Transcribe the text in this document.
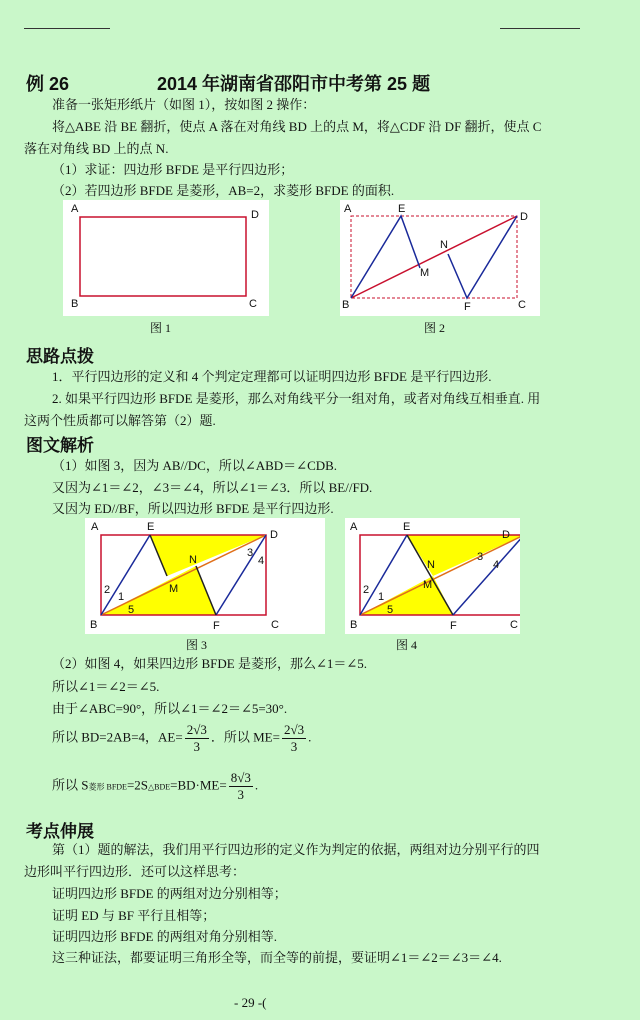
例 26	2014 年湖南省邵阳市中考第 25 题
准备一张矩形纸片（如图 1），按如图 2 操作：
将△ABE 沿 BE 翻折，使点 A 落在对角线 BD 上的点 M，将△CDF 沿 DF 翻折，使点 C
落在对角线 BD 上的点 N.
（1）求证：四边形 BFDE 是平行四边形；
（2）若四边形 BFDE 是菱形，AB=2，求菱形 BFDE 的面积.
A	D
B	C
图 1
A	E
D
N
M
B	F	C
图 2
思路点拨
1．平行四边形的定义和 4 个判定定理都可以证明四边形 BFDE 是平行四边形.
2. 如果平行四边形 BFDE 是菱形，那么对角线平分一组对角，或者对角线互相垂直. 用
这两个性质都可以解答第（2）题.
图文解析
（1）如图 3，因为 AB//DC，所以∠ABD＝∠CDB.
又因为∠1＝∠2，∠3＝∠4，所以∠1＝∠3．所以 BE//FD.
又因为 ED//BF，所以四边形 BFDE 是平行四边形.
A	E
D
N
M
B	F	C
1
2
3
4
5
图 3
A	E
D
N
M
B	F	C
1
2
3
4
5
图 4
（2）如图 4，如果四边形 BFDE 是菱形，那么∠1＝∠5.
所以∠1＝∠2＝∠5.
由于∠ABC=90°，所以∠1＝∠2＝∠5=30°.
所以 BD=2AB=4，$AE= \frac{2√3}{3}$ ．所以 $ME= \frac{2√3}{3}$ .
所以 S菱形 BFDE=2S△BDE=BD·ME= $\frac{8√3}{3}$ .
考点伸展
第（1）题的解法，我们用平行四边形的定义作为判定的依据，两组对边分别平行的四
边形叫平行四边形．还可以这样思考：
证明四边形 BFDE 的两组对边分别相等；
证明 ED 与 BF 平行且相等；
证明四边形 BFDE 的两组对角分别相等.
这三种证法，都要证明三角形全等，而全等的前提，要证明∠1＝∠2＝∠3＝∠4.
- 29 -(
